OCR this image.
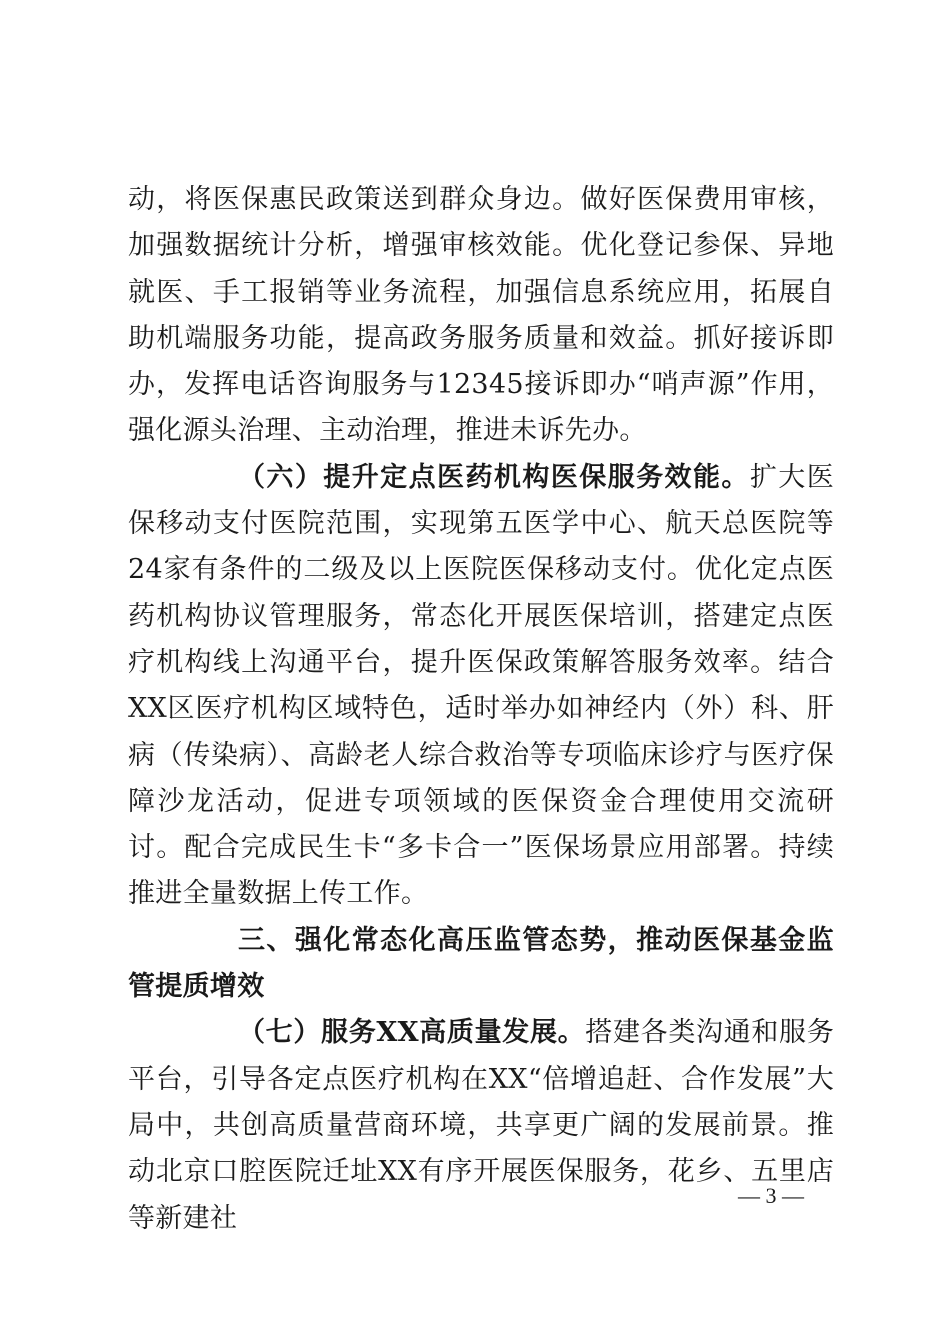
动，将医保惠民政策送到群众身边。做好医保费用审核，加强数据统计分析，增强审核效能。优化登记参保、异地就医、手工报销等业务流程，加强信息系统应用，拓展自助机端服务功能，提高政务服务质量和效益。抓好接诉即办，发挥电话咨询服务与12345接诉即办“哨声源”作用，强化源头治理、主动治理，推进未诉先办。

（六）提升定点医药机构医保服务效能。扩大医保移动支付医院范围，实现第五医学中心、航天总医院等24家有条件的二级及以上医院医保移动支付。优化定点医药机构协议管理服务，常态化开展医保培训，搭建定点医疗机构线上沟通平台，提升医保政策解答服务效率。结合XX区医疗机构区域特色，适时举办如神经内（外）科、肝病（传染病）、高龄老人综合救治等专项临床诊疗与医疗保障沙龙活动，促进专项领域的医保资金合理使用交流研讨。配合完成民生卡“多卡合一”医保场景应用部署。持续推进全量数据上传工作。

三、强化常态化高压监管态势，推动医保基金监管提质增效

（七）服务XX高质量发展。搭建各类沟通和服务平台，引导各定点医疗机构在XX“倍增追赶、合作发展”大局中，共创高质量营商环境，共享更广阔的发展前景。推动北京口腔医院迁址XX有序开展医保服务，花乡、五里店等新建社

— 3 —
